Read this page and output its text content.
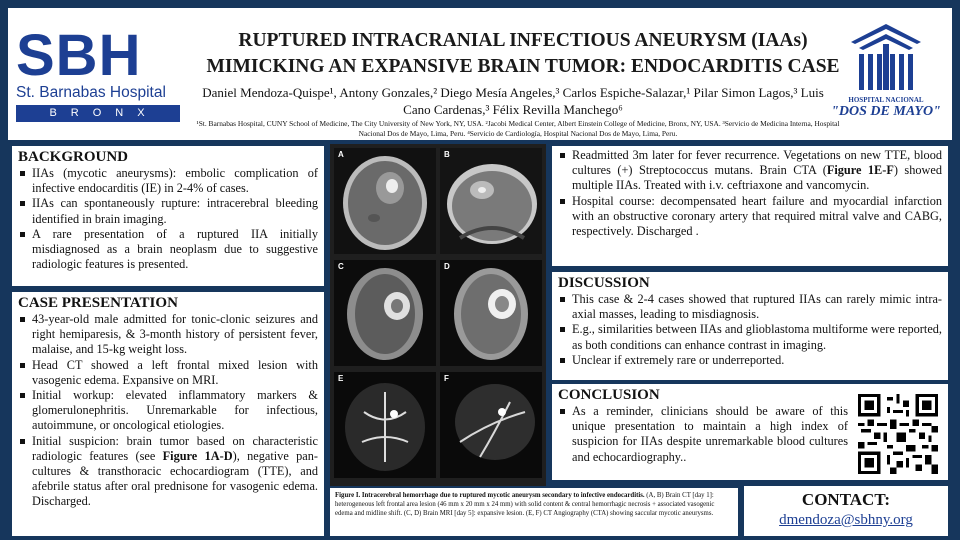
SBH
St. Barnabas Hospital
BRONX
RUPTURED INTRACRANIAL INFECTIOUS ANEURYSM (IAAs)
MIMICKING AN EXPANSIVE BRAIN TUMOR: ENDOCARDITIS CASE
Daniel Mendoza-Quispe¹, Antony Gonzales,² Diego Mesía Angeles,³ Carlos Espiche-Salazar,¹ Pilar Simon Lagos,³ Luis Cano Cardenas,³ Félix Revilla Manchego⁶
¹St. Barnabas Hospital, CUNY School of Medicine, The City University of New York, NY, USA. ²Jacobi Medical Center, Albert Einstein College of Medicine, Bronx, NY, USA. ³Servicio de Medicina Interna, Hospital Nacional Dos de Mayo, Lima, Peru. ⁴Servicio de Cardiología, Hospital Nacional Dos de Mayo, Lima, Peru.
HOSPITAL NACIONAL
"DOS DE MAYO"
BACKGROUND
IIAs (mycotic aneurysms): embolic complication of infective endocarditis (IE) in 2-4% of cases.
IIAs can spontaneously rupture: intracerebral bleeding identified in brain imaging.
A rare presentation of a ruptured IIA initially misdiagnosed as a brain neoplasm due to suggestive radiologic features is presented.
CASE PRESENTATION
43-year-old male admitted for tonic-clonic seizures and right hemiparesis, & 3-month history of persistent fever, malaise, and 15-kg weight loss.
Head CT showed a left frontal mixed lesion with vasogenic edema. Expansive on MRI.
Initial workup: elevated inflammatory markers & glomerulonephritis. Unremarkable for infectious, autoimmune, or oncological etiologies.
Initial suspicion: brain tumor based on characteristic radiologic features (see Figure 1A-D), negative pan-cultures & transthoracic echocardiogram (TTE), and afebrile status after oral prednisone for vasogenic edema. Discharged.
A	B
C	D
E	F

Figure I. Intracerebral hemorrhage due to ruptured mycotic aneurysm secondary to infective endocarditis. (A, B) Brain CT [day 1]: heterogeneous left frontal area lesion (46 mm x 20 mm x 24 mm) with solid content & central hemorrhagic necrosis + associated vasogenic edema and midline shift. (C, D) Brain MRI [day 5]: expansive lesion. (E, F) CT Angiography (CTA) showing saccular mycotic aneurysms.

Readmitted 3m later for fever recurrence. Vegetations on new TTE, blood cultures (+) Streptococcus mutans. Brain CTA (Figure 1E-F) showed multiple IIAs. Treated with i.v. ceftriaxone and vancomycin.
Hospital course: decompensated heart failure and myocardial infarction with an obstructive coronary artery that required mitral valve and CABG, respectively. Discharged .
DISCUSSION
This case & 2-4 cases showed that ruptured IIAs can rarely mimic intra-axial masses, leading to misdiagnosis.
E.g., similarities between IIAs and glioblastoma multiforme were reported, as both conditions can enhance contrast in imaging.
Unclear if extremely rare or underreported.
CONCLUSION
As a reminder, clinicians should be aware of this unique presentation to maintain a high index of suspicion for IIAs despite unremarkable blood cultures and echocardiography..
CONTACT:
dmendoza@sbhny.org
